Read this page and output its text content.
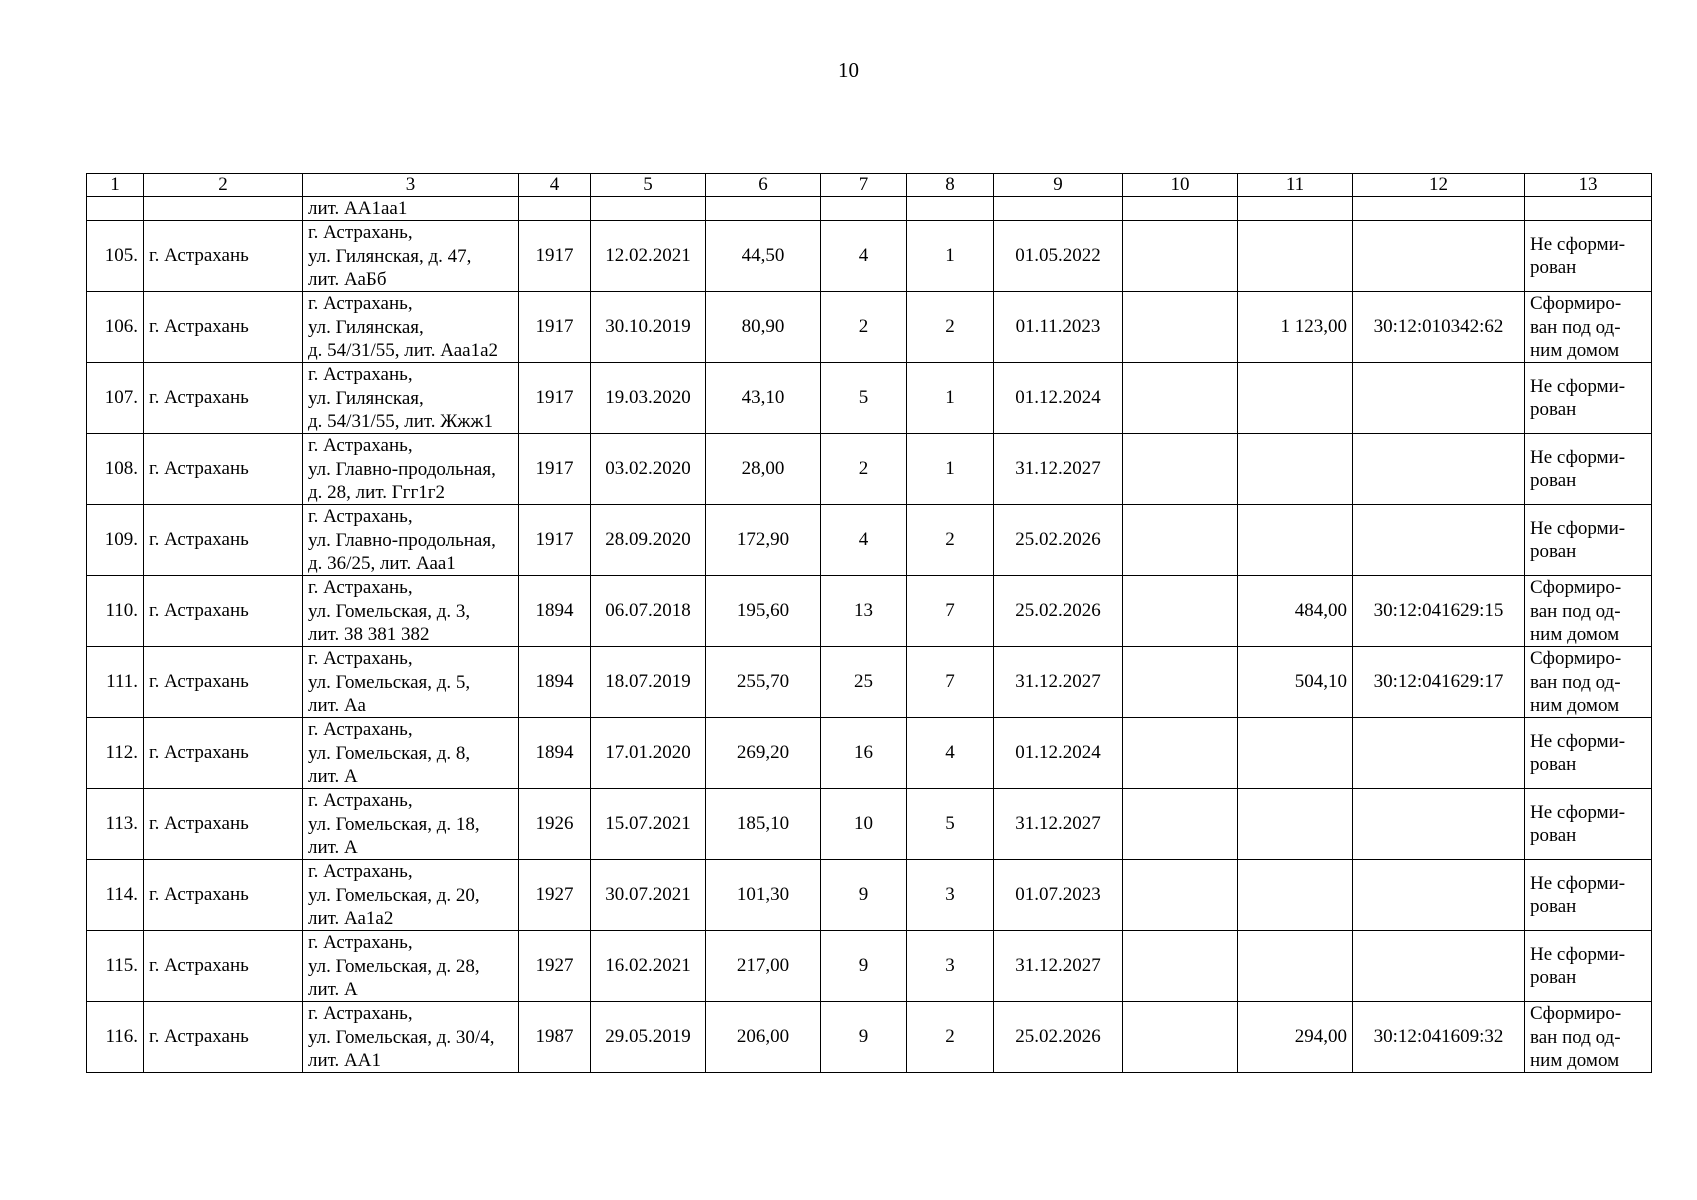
10
1	2	3	4	5	6	7	8	9	10	11	12	13
		лит. АА1аа1										
105.	г. Астрахань	г. Астрахань,
ул. Гилянская, д. 47,
лит. АаБб	1917	12.02.2021	44,50	4	1	01.05.2022				Не сформи-
рован
106.	г. Астрахань	г. Астрахань,
ул. Гилянская,
д. 54/31/55, лит. Ааа1а2	1917	30.10.2019	80,90	2	2	01.11.2023		1 123,00	30:12:010342:62	Сформиро-
ван под од-
ним домом
107.	г. Астрахань	г. Астрахань,
ул. Гилянская,
д. 54/31/55, лит. Жжж1	1917	19.03.2020	43,10	5	1	01.12.2024				Не сформи-
рован
108.	г. Астрахань	г. Астрахань,
ул. Главно-продольная,
д. 28, лит. Ггг1г2	1917	03.02.2020	28,00	2	1	31.12.2027				Не сформи-
рован
109.	г. Астрахань	г. Астрахань,
ул. Главно-продольная,
д. 36/25, лит. Ааа1	1917	28.09.2020	172,90	4	2	25.02.2026				Не сформи-
рован
110.	г. Астрахань	г. Астрахань,
ул. Гомельская, д. 3,
лит. 38 381 382	1894	06.07.2018	195,60	13	7	25.02.2026		484,00	30:12:041629:15	Сформиро-
ван под од-
ним домом
111.	г. Астрахань	г. Астрахань,
ул. Гомельская, д. 5,
лит. Аа	1894	18.07.2019	255,70	25	7	31.12.2027		504,10	30:12:041629:17	Сформиро-
ван под од-
ним домом
112.	г. Астрахань	г. Астрахань,
ул. Гомельская, д. 8,
лит. А	1894	17.01.2020	269,20	16	4	01.12.2024				Не сформи-
рован
113.	г. Астрахань	г. Астрахань,
ул. Гомельская, д. 18,
лит. А	1926	15.07.2021	185,10	10	5	31.12.2027				Не сформи-
рован
114.	г. Астрахань	г. Астрахань,
ул. Гомельская, д. 20,
лит. Аа1а2	1927	30.07.2021	101,30	9	3	01.07.2023				Не сформи-
рован
115.	г. Астрахань	г. Астрахань,
ул. Гомельская, д. 28,
лит. А	1927	16.02.2021	217,00	9	3	31.12.2027				Не сформи-
рован
116.	г. Астрахань	г. Астрахань,
ул. Гомельская, д. 30/4,
лит. АА1	1987	29.05.2019	206,00	9	2	25.02.2026		294,00	30:12:041609:32	Сформиро-
ван под од-
ним домом
